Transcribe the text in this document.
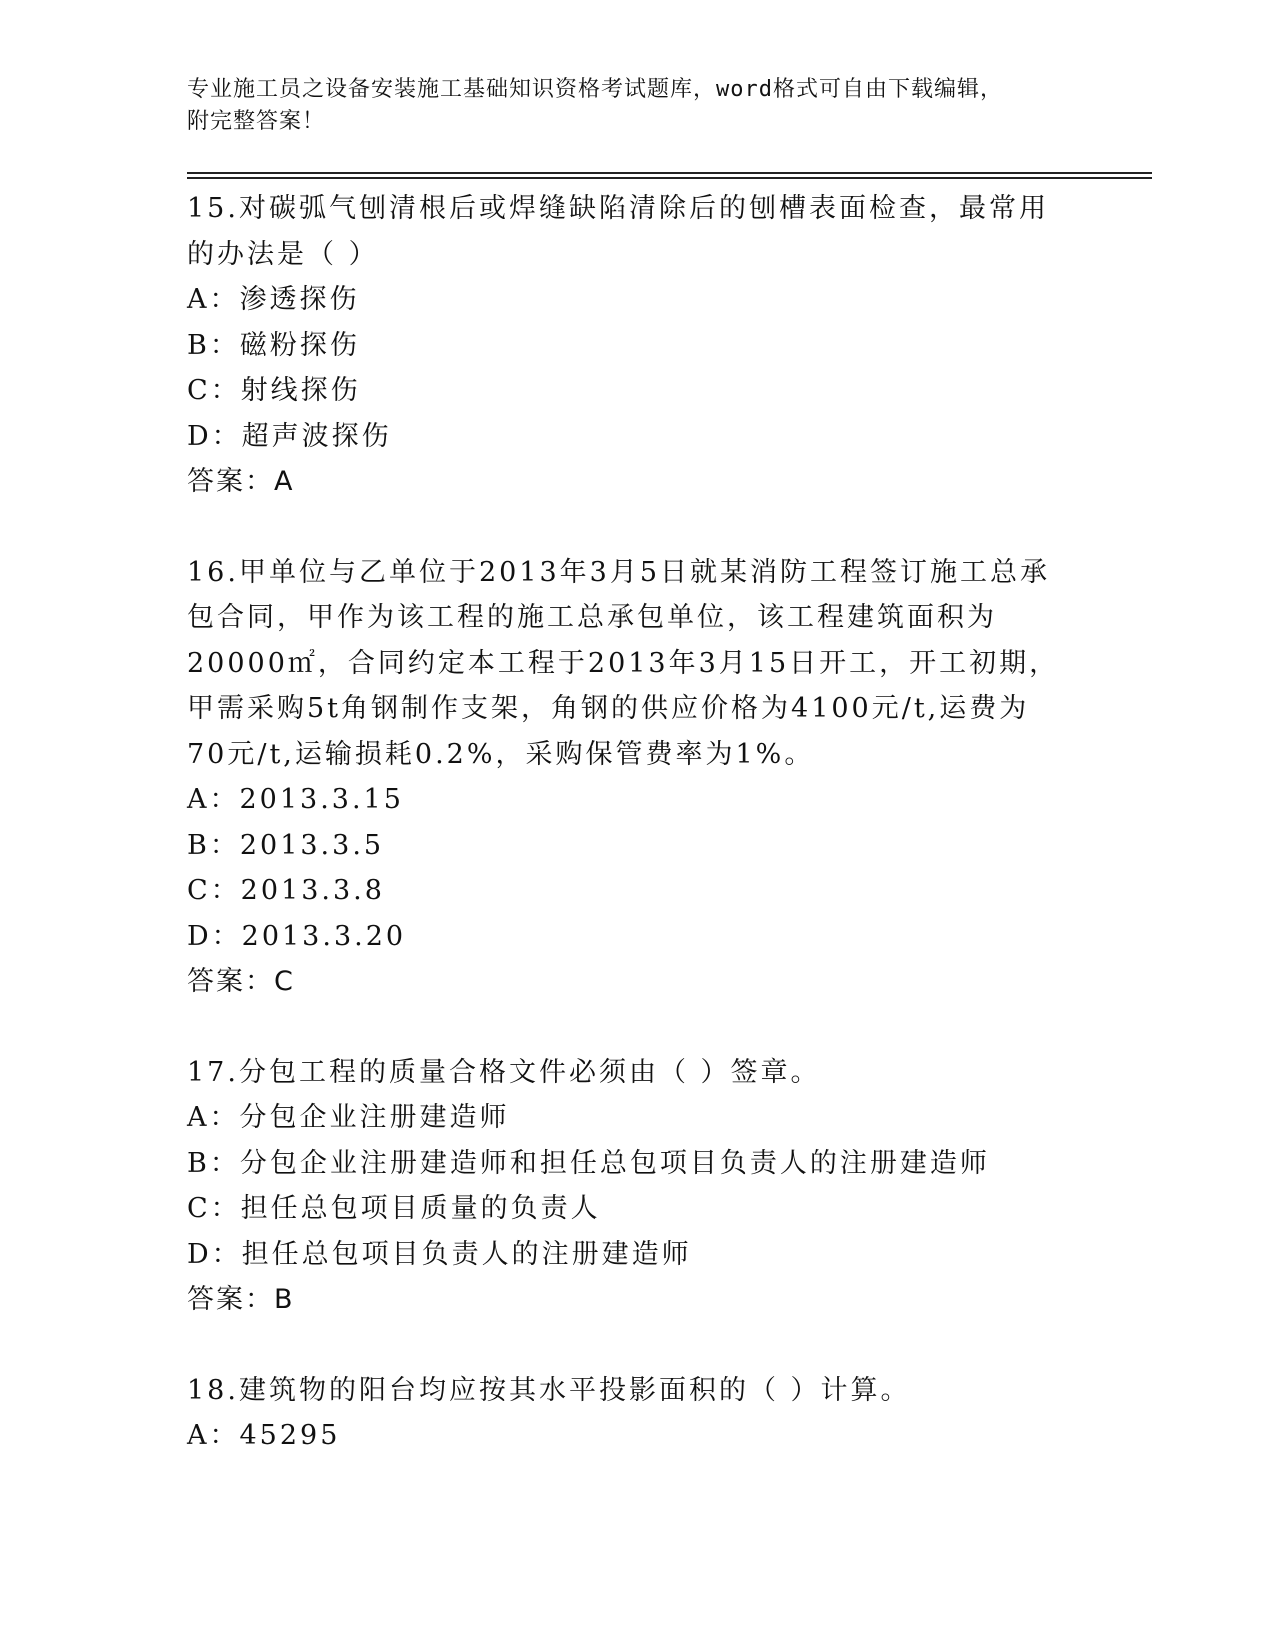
专业施工员之设备安装施工基础知识资格考试题库，word格式可自由下载编辑，
附完整答案！
15.对碳弧气刨清根后或焊缝缺陷清除后的刨槽表面检查，最常用的办法是（ ）
A：渗透探伤
B：磁粉探伤
C：射线探伤
D：超声波探伤
答案：A
16.甲单位与乙单位于2013年3月5日就某消防工程签订施工总承包合同，甲作为该工程的施工总承包单位，该工程建筑面积为20000㎡，合同约定本工程于2013年3月15日开工，开工初期，甲需采购5t角钢制作支架，角钢的供应价格为4100元/t,运费为70元/t,运输损耗0.2%，采购保管费率为1%。
A：2013.3.15
B：2013.3.5
C：2013.3.8
D：2013.3.20
答案：C
17.分包工程的质量合格文件必须由（ ）签章。
A：分包企业注册建造师
B：分包企业注册建造师和担任总包项目负责人的注册建造师
C：担任总包项目质量的负责人
D：担任总包项目负责人的注册建造师
答案：B
18.建筑物的阳台均应按其水平投影面积的（ ）计算。
A：45295
